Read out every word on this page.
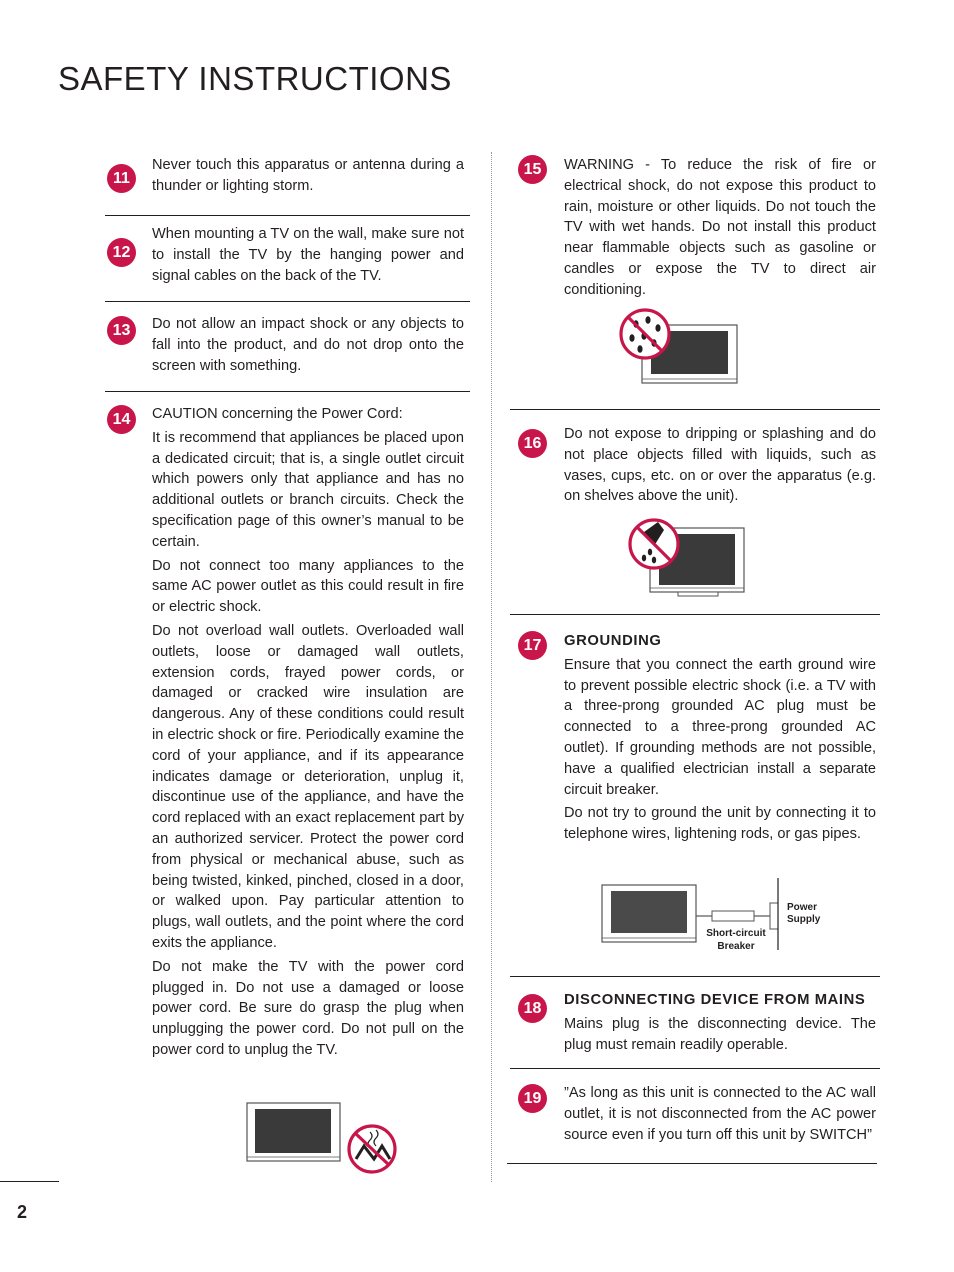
SAFETY INSTRUCTIONS
11

Never touch this apparatus or antenna during a thunder or lighting storm.

12

When mounting a TV on the wall, make sure not to install the TV by the hanging power and signal cables on the back of the TV.

13	Do not allow an impact shock or any objects to fall into the product, and do not drop onto the screen with something.

14	CAUTION concerning the Power Cord:

It is recommend that appliances be placed upon a dedicated circuit; that is, a single outlet circuit which powers only that appliance and has no additional outlets or branch circuits. Check the specification page of this owner’s manual to be certain.

Do not connect too many appliances to the same AC power outlet as this could result in fire or electric shock.

Do not overload wall outlets. Overloaded wall outlets, loose or damaged wall outlets, extension cords, frayed power cords, or damaged or cracked wire insulation are dangerous. Any of these conditions could result in electric shock or fire. Periodically examine the cord of your appliance, and if its appearance indicates damage or deterioration, unplug it, discontinue use of the appliance, and have the cord replaced with an exact replacement part by an authorized servicer. Protect the power cord from physical or mechanical abuse, such as being twisted, kinked, pinched, closed in a door, or walked upon. Pay particular attention to plugs, wall outlets, and the point where the cord exits the appliance.

Do not make the TV with the power cord plugged in. Do not use a damaged or loose power cord. Be sure do grasp the plug when unplugging the power cord. Do not pull on the power cord to unplug the TV.

15	WARNING - To reduce the risk of fire or electrical shock, do not expose this product to rain, moisture or other liquids. Do not touch the TV with wet hands. Do not install this product near flammable objects such as gasoline or candles or expose the TV to direct air conditioning.

16

Do not expose to dripping or splashing and do not place objects filled with liquids, such as vases, cups, etc. on or over the apparatus (e.g. on shelves above the unit).

17	GROUNDING

Ensure that you connect the earth ground wire to prevent possible electric shock (i.e. a TV with a three-prong grounded AC plug must be connected to a three-prong grounded AC outlet). If grounding methods are not possible, have a qualified electrician install a separate circuit breaker.

Do not try to ground the unit by connecting it to telephone wires, lightening rods, or gas pipes.

Short-circuit
Breaker
Power
Supply
18	DISCONNECTING DEVICE FROM MAINS

Mains plug is the disconnecting device. The plug must remain readily operable.

19	”As long as this unit is connected to the AC wall outlet, it is not disconnected from the AC power source even if you turn off this unit by SWITCH”

2
